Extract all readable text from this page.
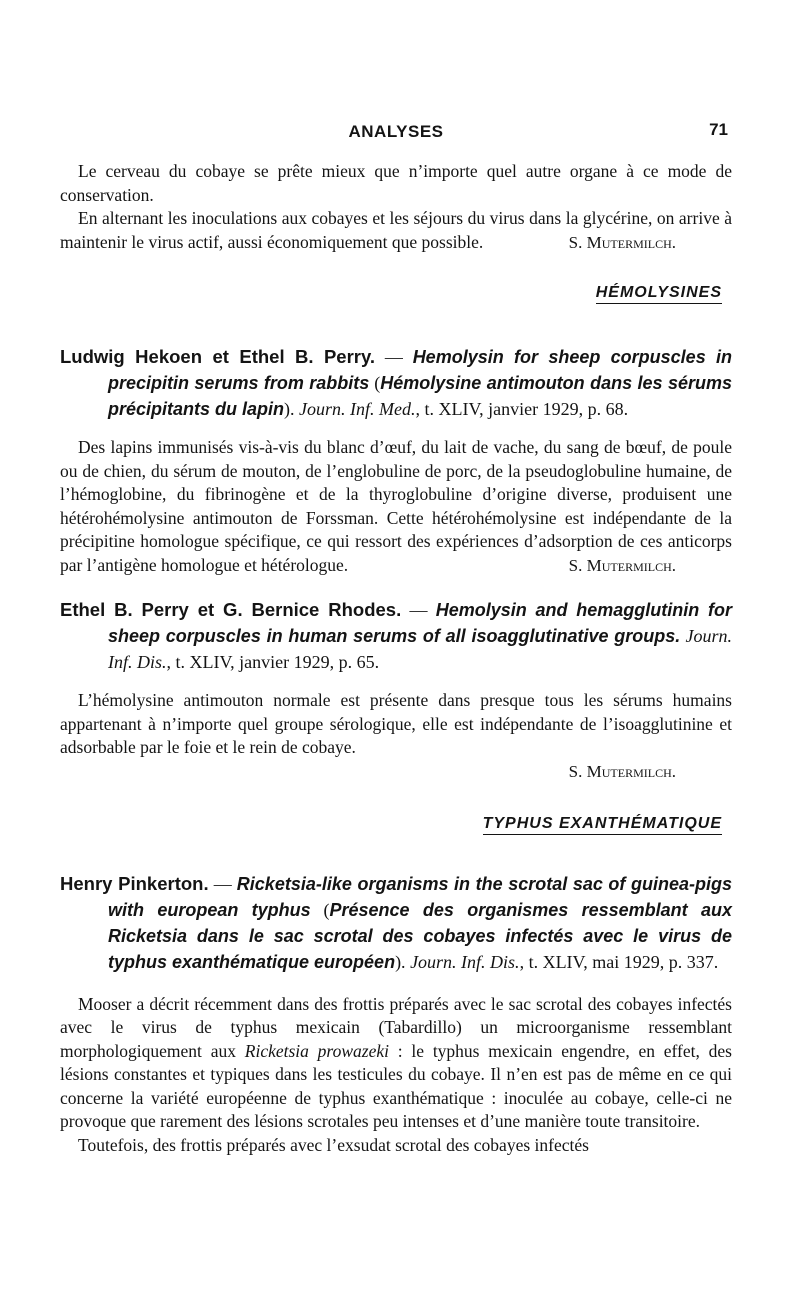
ANALYSES	71

Le cerveau du cobaye se prête mieux que n’importe quel autre organe à ce mode de conservation.

En alternant les inoculations aux cobayes et les séjours du virus dans la glycérine, on arrive à maintenir le virus actif, aussi économiquement que possible.	S. Mutermilch.
HÉMOLYSINES
Ludwig Hekoen et Ethel B. Perry. — Hemolysin for sheep corpuscles in precipitin serums from rabbits (Hémolysine antimouton dans les sérums précipitants du lapin). Journ. Inf. Med., t. XLIV, janvier 1929, p. 68.

Des lapins immunisés vis-à-vis du blanc d’œuf, du lait de vache, du sang de bœuf, de poule ou de chien, du sérum de mouton, de l’englobuline de porc, de la pseudoglobuline humaine, de l’hémoglobine, du fibrinogène et de la thyroglobuline d’origine diverse, produisent une hétérohémolysine antimouton de Forssman. Cette hétérohémolysine est indépendante de la précipitine homologue spécifique, ce qui ressort des expériences d’adsorption de ces anticorps par l’antigène homologue et hétérologue.	S. Mutermilch.
Ethel B. Perry et G. Bernice Rhodes. — Hemolysin and hemagglutinin for sheep corpuscles in human serums of all isoagglutinative groups. Journ. Inf. Dis., t. XLIV, janvier 1929, p. 65.

L’hémolysine antimouton normale est présente dans presque tous les sérums humains appartenant à n’importe quel groupe sérologique, elle est indépendante de l’isoagglutinine et adsorbable par le foie et le rein de cobaye.

S. Mutermilch.
TYPHUS EXANTHÉMATIQUE
Henry Pinkerton. — Ricketsia-like organisms in the scrotal sac of guinea-pigs with european typhus (Présence des organismes ressemblant aux Ricketsia dans le sac scrotal des cobayes infectés avec le virus de typhus exanthématique européen). Journ. Inf. Dis., t. XLIV, mai 1929, p. 337.

Mooser a décrit récemment dans des frottis préparés avec le sac scrotal des cobayes infectés avec le virus de typhus mexicain (Tabardillo) un microorganisme ressemblant morphologiquement aux Ricketsia prowazeki : le typhus mexicain engendre, en effet, des lésions constantes et typiques dans les testicules du cobaye. Il n’en est pas de même en ce qui concerne la variété européenne de typhus exanthématique : inoculée au cobaye, celle-ci ne provoque que rarement des lésions scrotales peu intenses et d’une manière toute transitoire.

Toutefois, des frottis préparés avec l’exsudat scrotal des cobayes infectés
